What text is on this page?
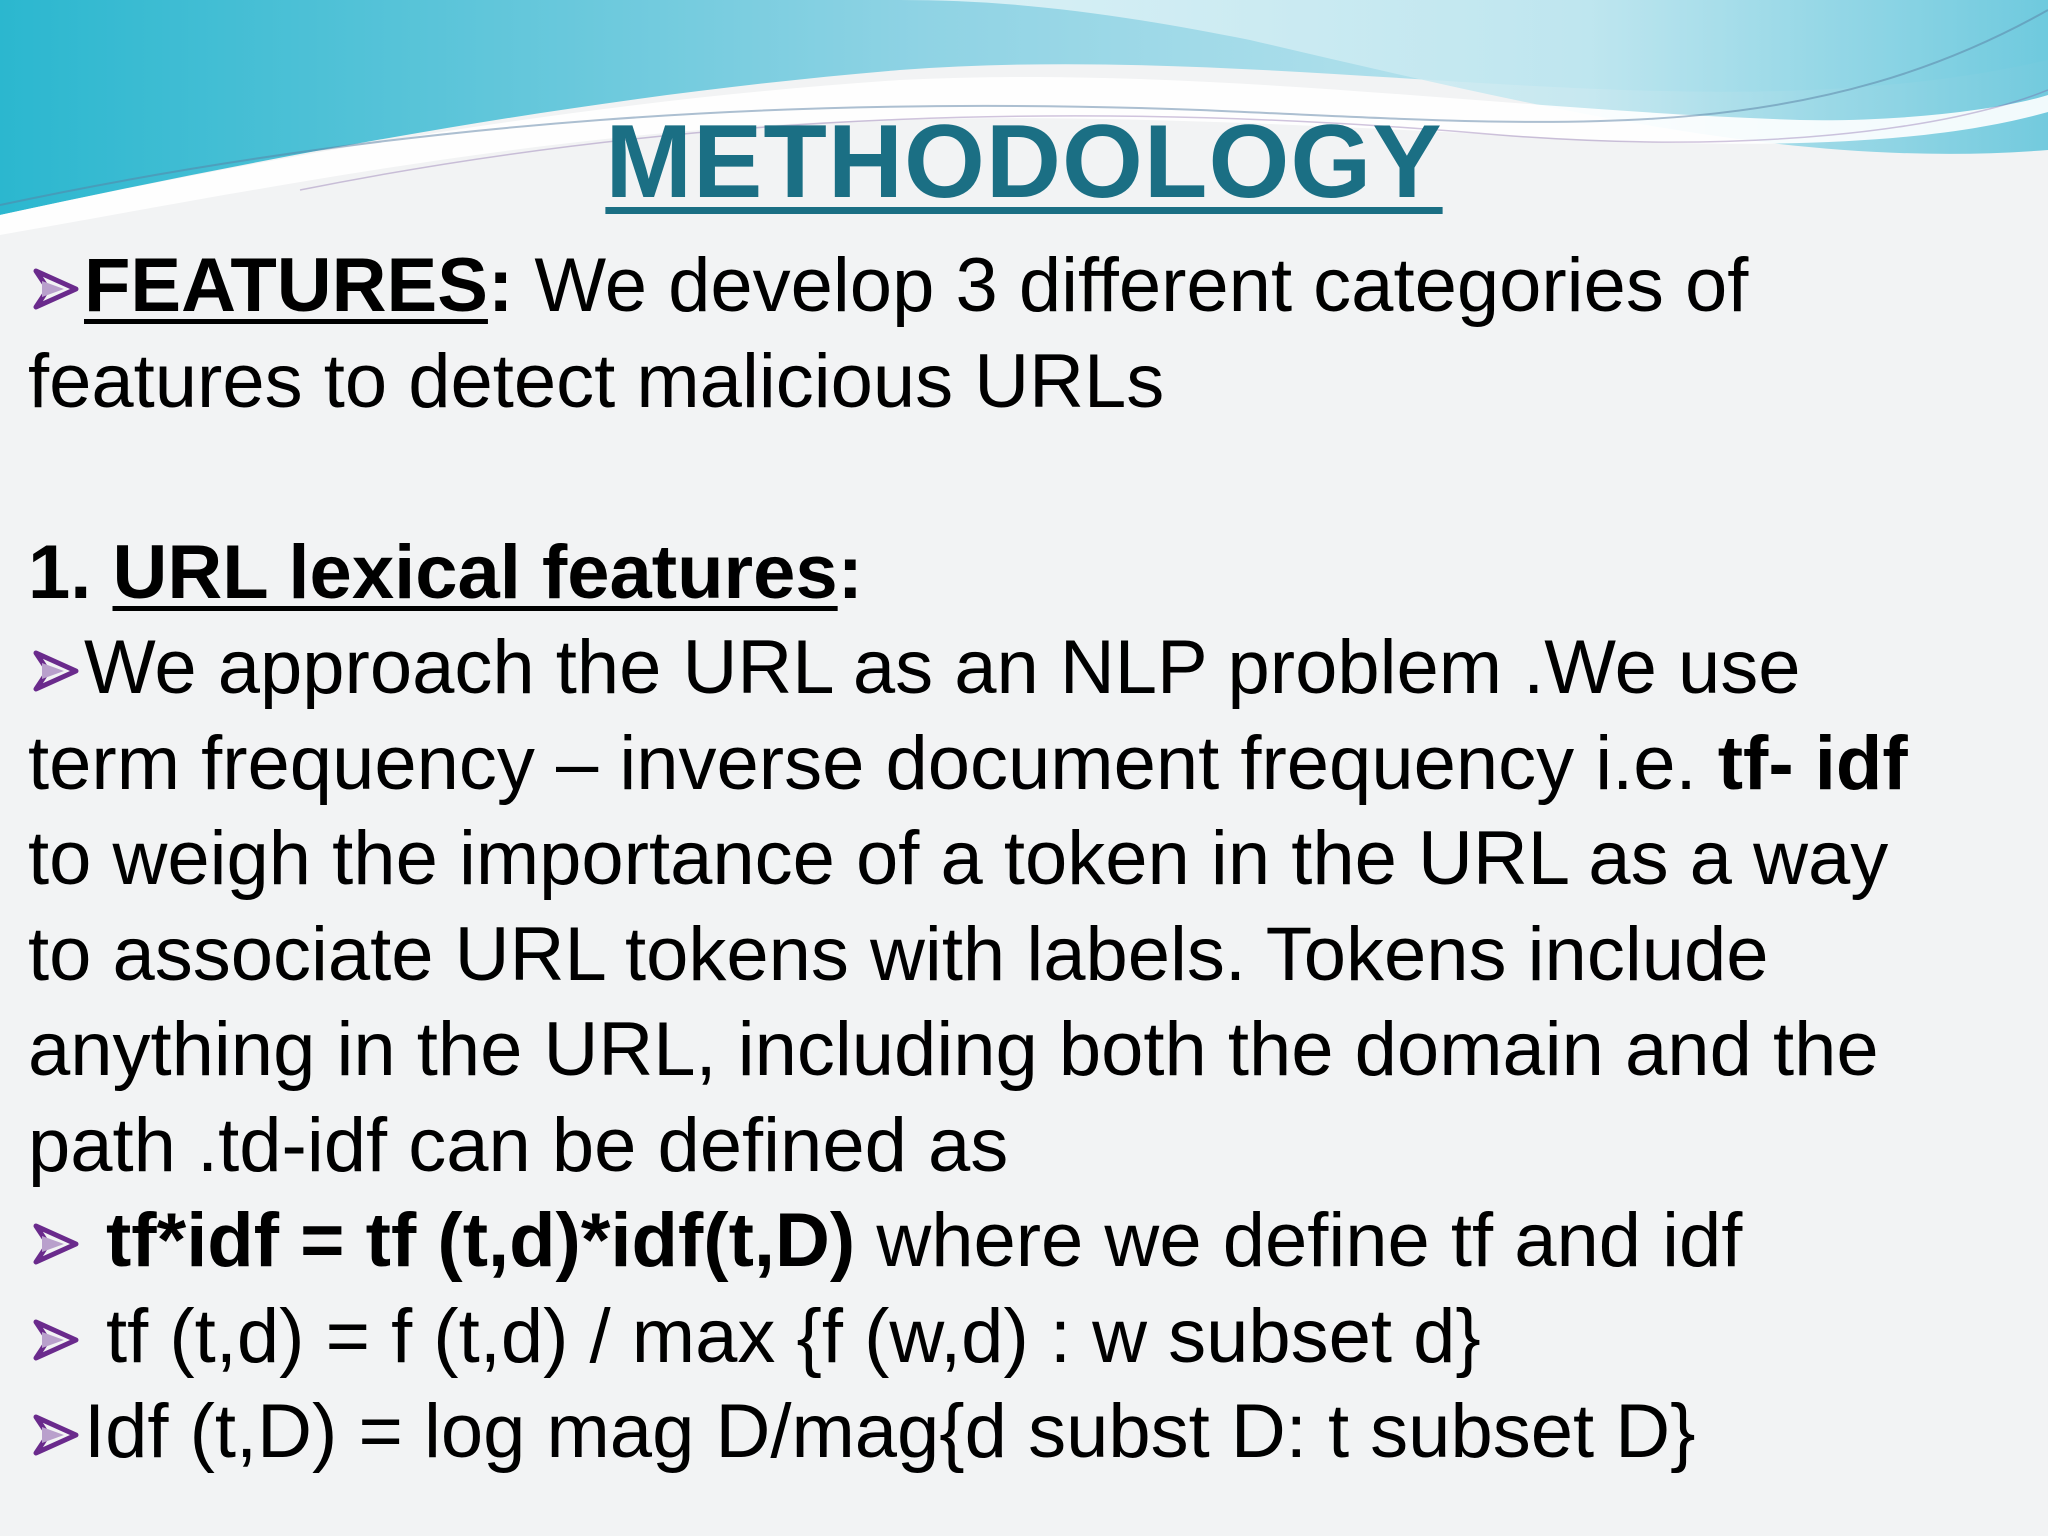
METHODOLOGY
FEATURES: We develop 3 different categories of
features to detect malicious URLs
1. URL lexical features:
We approach the URL as an NLP problem .We use
term frequency – inverse document frequency i.e. tf- idf
to weigh the importance of a token in the URL as a way
to associate URL tokens with labels. Tokens include
anything in the URL, including both the domain and the
path .td-idf can be defined as
tf*idf = tf (t,d)*idf(t,D) where we define tf and idf
tf (t,d) = f (t,d) / max {f (w,d) : w subset d}
Idf (t,D) = log mag D/mag{d subst D: t subset D}
